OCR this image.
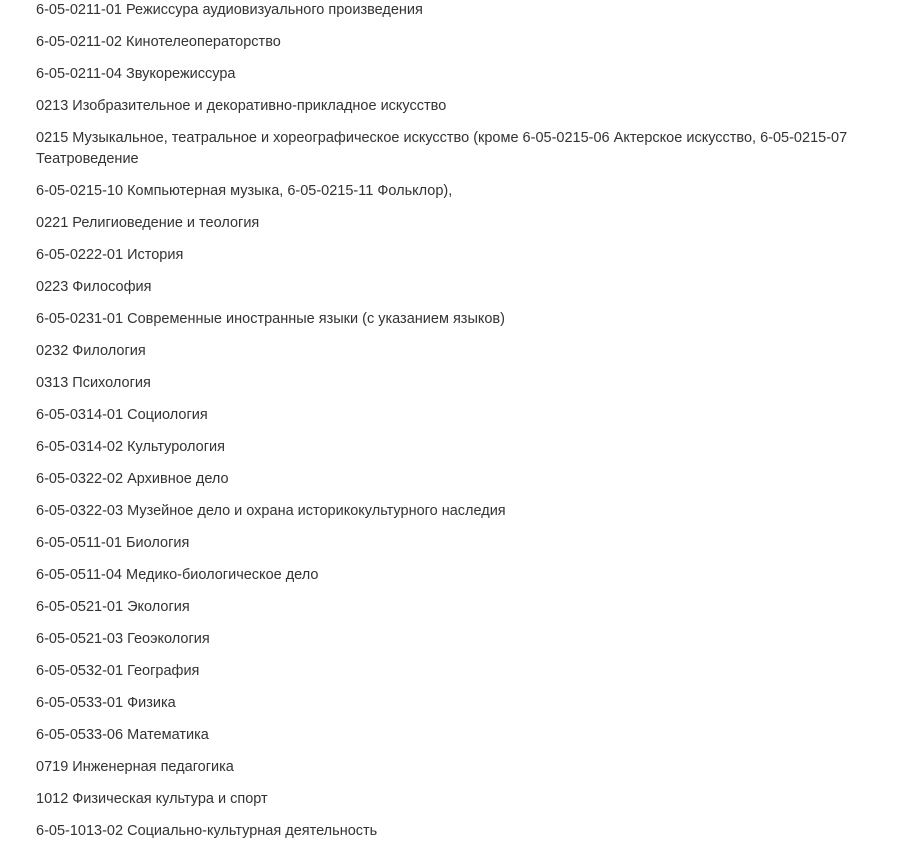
6-05-0211-01 Режиссура аудиовизуального произведения
6-05-0211-02 Кинотелеоператорство
6-05-0211-04 Звукорежиссура
0213 Изобразительное и декоративно-прикладное искусство
0215 Музыкальное, театральное и хореографическое искусство (кроме 6-05-0215-06 Актерское искусство, 6-05-0215-07 Театроведение
6-05-0215-10 Компьютерная музыка, 6-05-0215-11 Фольклор),
0221 Религиоведение и теология
6-05-0222-01 История
0223 Философия
6-05-0231-01 Современные иностранные языки (с указанием языков)
0232 Филология
0313 Психология
6-05-0314-01 Социология
6-05-0314-02 Культурология
6-05-0322-02 Архивное дело
6-05-0322-03 Музейное дело и охрана историкокультурного наследия
6-05-0511-01 Биология
6-05-0511-04 Медико-биологическое дело
6-05-0521-01 Экология
6-05-0521-03 Геоэкология
6-05-0532-01 География
6-05-0533-01 Физика
6-05-0533-06 Математика
0719 Инженерная педагогика
1012 Физическая культура и спорт
6-05-1013-02 Социально-культурная деятельность
